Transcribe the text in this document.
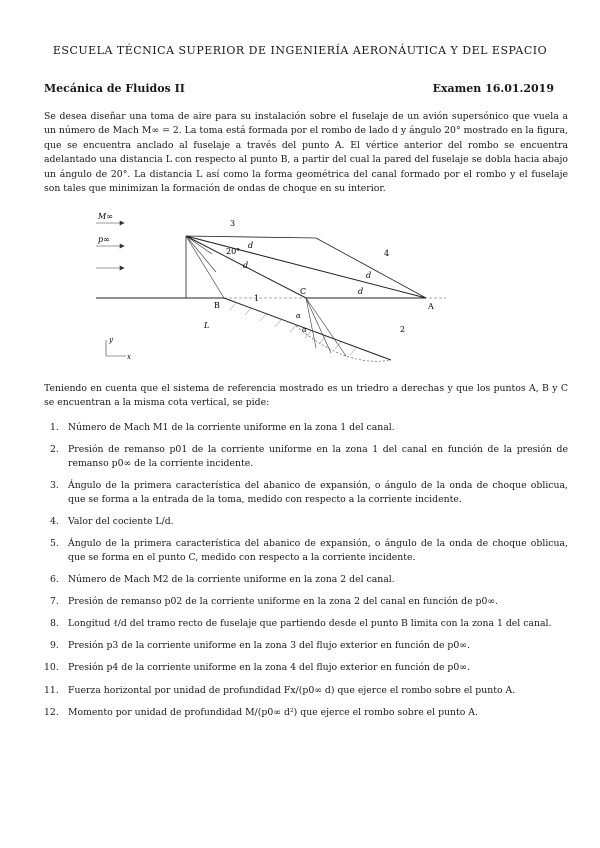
ESCUELA TÉCNICA SUPERIOR DE INGENIERÍA AERONÁUTICA Y DEL ESPACIO
Mecánica de Fluidos II	Examen 16.01.2019
Se desea diseñar una toma de aire para su instalación sobre el fuselaje de un avión supersónico que vuela a un número de Mach M∞ = 2. La toma está formada por el rombo de lado d y ángulo 20° mostrado en la figura, que se encuentra anclado al fuselaje a través del punto A. El vértice anterior del rombo se encuentra adelantado una distancia L con respecto al punto B, a partir del cual la pared del fuselaje se dobla hacia abajo un ángulo de 20°. La distancia L así como la forma geométrica del canal formado por el rombo y el fuselaje son tales que minimizan la formación de ondas de choque en su interior.
M∞
p∞
20°
d
d
d
d
L
B
C
A
1
2
3
4
α
α
y
x
Teniendo en cuenta que el sistema de referencia mostrado es un triedro a derechas y que los puntos A, B y C se encuentran a la misma cota vertical, se pide:
1. Número de Mach M1 de la corriente uniforme en la zona 1 del canal.
2. Presión de remanso p01 de la corriente uniforme en la zona 1 del canal en función de la presión de remanso p0∞ de la corriente incidente.
3. Ángulo de la primera característica del abanico de expansión, o ángulo de la onda de choque oblicua, que se forma a la entrada de la toma, medido con respecto a la corriente incidente.
4. Valor del cociente L/d.
5. Ángulo de la primera característica del abanico de expansión, o ángulo de la onda de choque oblicua, que se forma en el punto C, medido con respecto a la corriente incidente.
6. Número de Mach M2 de la corriente uniforme en la zona 2 del canal.
7. Presión de remanso p02 de la corriente uniforme en la zona 2 del canal en función de p0∞.
8. Longitud ℓ/d del tramo recto de fuselaje que partiendo desde el punto B limita con la zona 1 del canal.
9. Presión p3 de la corriente uniforme en la zona 3 del flujo exterior en función de p0∞.
10. Presión p4 de la corriente uniforme en la zona 4 del flujo exterior en función de p0∞.
11. Fuerza horizontal por unidad de profundidad Fx/(p0∞ d) que ejerce el rombo sobre el punto A.
12. Momento por unidad de profundidad M/(p0∞ d²) que ejerce el rombo sobre el punto A.
